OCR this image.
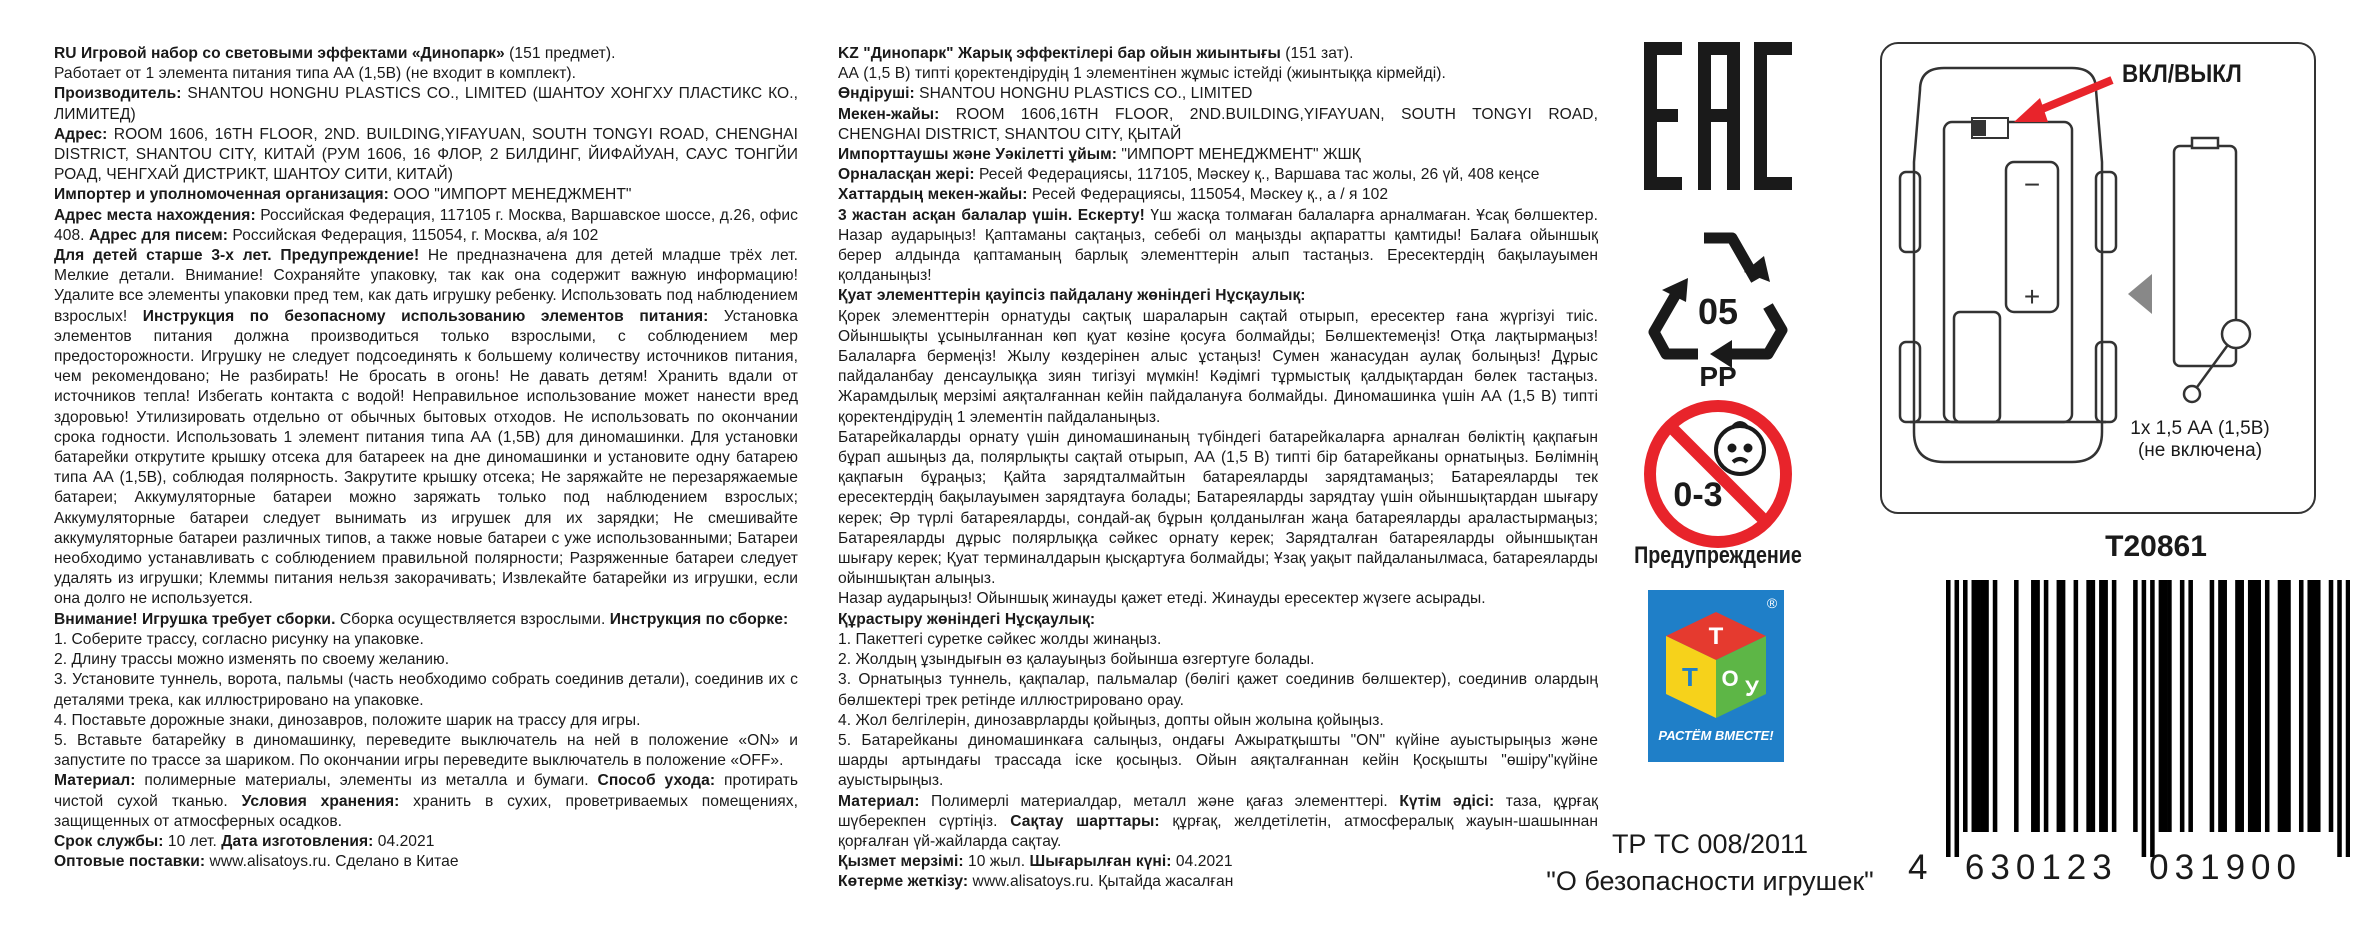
RU Игровой набор со световыми эффектами «Динопарк» (151 предмет).

Работает от 1 элемента питания типа АА (1,5В) (не входит в комплект).

Производитель: SHANTOU HONGHU PLASTICS CO., LIMITED (ШАНТОУ ХОНГХУ ПЛАСТИКС КО., ЛИМИТЕД)

Адрес: ROOM 1606, 16TH FLOOR, 2ND. BUILDING,YIFAYUAN, SOUTH TONGYI ROAD, CHENGHAI DISTRICT, SHANTOU CITY, КИТАЙ (РУМ 1606, 16 ФЛОР, 2 БИЛДИНГ, ЙИФАЙУАН, САУС ТОНГЙИ РОАД, ЧЕНГХАЙ ДИСТРИКТ, ШАНТОУ СИТИ, КИТАЙ)

Импортер и уполномоченная организация: ООО "ИМПОРТ МЕНЕДЖМЕНТ"

Адрес места нахождения: Российская Федерация, 117105 г. Москва, Варшавское шоссе, д.26, офис 408. Адрес для писем: Российская Федерация, 115054, г. Москва, а/я 102

Для детей старше 3-х лет. Предупреждение! Не предназначена для детей младше трёх лет. Мелкие детали. Внимание! Сохраняйте упаковку, так как она содержит важную информацию! Удалите все элементы упаковки пред тем, как дать игрушку ребенку. Использовать под наблюдением взрослых! Инструкция по безопасному использованию элементов питания: Установка элементов питания должна производиться только взрослыми, с соблюдением мер предосторожности. Игрушку не следует подсоединять к большему количеству источников питания, чем рекомендовано; Не разбирать! Не бросать в огонь! Не давать детям! Хранить вдали от источников тепла! Избегать контакта с водой! Неправильное использование может нанести вред здоровью! Утилизировать отдельно от обычных бытовых отходов. Не использовать по окончании срока годности. Использовать 1 элемент питания типа АА (1,5В) для диномашинки. Для установки батарейки открутите крышку отсека для батареек на дне диномашинки и установите одну батарею типа АА (1,5В), соблюдая полярность. Закрутите крышку отсека; Не заряжайте не перезаряжаемые батареи; Аккумуляторные батареи можно заряжать только под наблюдением взрослых; Аккумуляторные батареи следует вынимать из игрушек для их зарядки; Не смешивайте аккумуляторные батареи различных типов, а также новые батареи с уже использованными; Батареи необходимо устанавливать с соблюдением правильной полярности; Разряженные батареи следует удалять из игрушки; Клеммы питания нельзя закорачивать; Извлекайте батарейки из игрушки, если она долго не используется.

Внимание! Игрушка требует сборки. Сборка осуществляется взрослыми. Инструкция по сборке:

1. Соберите трассу, согласно рисунку на упаковке.

2. Длину трассы можно изменять по своему желанию.

3. Установите туннель, ворота, пальмы (часть необходимо собрать соединив детали), соединив их с деталями трека, как иллюстрировано на упаковке.

4. Поставьте дорожные знаки, динозавров, положите шарик на трассу для игры.

5. Вставьте батарейку в диномашинку, переведите выключатель на ней в положение «ON» и запустите по трассе за шариком. По окончании игры переведите выключатель в положение «OFF».

Материал: полимерные материалы, элементы из металла и бумаги. Способ ухода: протирать чистой сухой тканью. Условия хранения: хранить в сухих, проветриваемых помещениях, защищенных от атмосферных осадков.

Срок службы: 10 лет. Дата изготовления: 04.2021

Оптовые поставки: www.alisatoys.ru. Сделано в Китае

KZ "Динопарк" Жарық эффектілері бар ойын жиынтығы (151 зат).

АА (1,5 В) типті қоректендірудің 1 элементінен жұмыс істейді (жиынтыққа кірмейді).

Өндіруші: SHANTOU HONGHU PLASTICS CO., LIMITED

Мекен-жайы: ROOM 1606,16TH FLOOR, 2ND.BUILDING,YIFAYUAN, SOUTH TONGYI ROAD, CHENGHAI DISTRICT, SHANTOU CITY, ҚЫТАЙ

Импорттаушы және Уәкілетті ұйым: "ИМПОРТ МЕНЕДЖМЕНТ" ЖШҚ

Орналасқан жері: Ресей Федерациясы, 117105, Мәскеу қ., Варшава тас жолы, 26 үй, 408 кеңсе

Хаттардың мекен-жайы: Ресей Федерациясы, 115054, Мәскеу қ., а / я 102

3 жастан асқан балалар үшін. Ескерту! Үш жасқа толмаған балаларға арналмаған. Ұсақ бөлшектер. Назар аударыңыз! Қаптаманы сақтаңыз, себебі ол маңызды ақпаратты қамтиды! Балаға ойыншық берер алдында қаптаманың барлық элементтерін алып тастаңыз. Ересектердің бақылауымен қолданыңыз!

Қуат элементтерін қауіпсіз пайдалану жөніндегі Нұсқаулық:

Қорек элементтерін орнатуды сақтық шараларын сақтай отырып, ересектер ғана жүргізуі тиіс. Ойыншықты ұсынылғаннан көп қуат көзіне қосуға болмайды; Бөлшектемеңіз! Отқа лақтырмаңыз! Балаларға бермеңіз! Жылу көздерінен алыс ұстаңыз! Сумен жанасудан аулақ болыңыз! Дұрыс пайдаланбау денсаулыққа зиян тигізуі мүмкін! Кәдімгі тұрмыстық қалдықтардан бөлек тастаңыз. Жарамдылық мерзімі аяқталғаннан кейін пайдалануға болмайды. Диномашинка үшін АА (1,5 В) типті қоректендірудің 1 элементін пайдаланыңыз.

Батарейкаларды орнату үшін диномашинаның түбіндегі батарейкаларға арналған бөліктің қақпағын бұрап ашыңыз да, полярлықты сақтай отырып, АА (1,5 В) типті бір батарейканы орнатыңыз. Бөлімнің қақпағын бұраңыз; Қайта зарядталмайтын батареяларды зарядтамаңыз; Батареяларды тек ересектердің бақылауымен зарядтауға болады; Батареяларды зарядтау үшін ойыншықтардан шығару керек; Әр түрлі батареяларды, сондай-ақ бұрын қолданылған жаңа батареяларды араластырмаңыз; Батареяларды дұрыс полярлыққа сәйкес орнату керек; Зарядталған батареяларды ойыншықтан шығару керек; Қуат терминалдарын қысқартуға болмайды; Ұзақ уақыт пайдаланылмаса, батареяларды ойыншықтан алыңыз.

Назар аударыңыз! Ойыншық жинауды қажет етеді. Жинауды ересектер жүзеге асырады.

Құрастыру жөніндегі Нұсқаулық:

1. Пакеттегі суретке сәйкес жолды жинаңыз.

2. Жолдың ұзындығын өз қалауыңыз бойынша өзгертуге болады.

3. Орнатыңыз туннель, қақпалар, пальмалар (бөлігі қажет соединив бөлшектер), соединив олардың бөлшектері трек ретінде иллюстрировано орау.

4. Жол белгілерін, динозаврларды қойыңыз, допты ойын жолына қойыңыз.

5. Батарейканы диномашинкаға салыңыз, ондағы Ажыратқышты "ON" күйіне ауыстырыңыз және шарды артындағы трассада іске қосыңыз. Ойын аяқталғаннан кейін Қосқышты "өшіру"күйіне ауыстырыңыз.

Материал: Полимерлі материалдар, металл және қағаз элементтері. Күтім әдісі: таза, құрғақ шүберекпен сүртіңіз. Сақтау шарттары: құрғақ, желдетілетін, атмосфералық жауын-шашыннан қорғалған үй-жайларда сақтау.

Қызмет мерзімі: 10 жыл. Шығарылған күні: 04.2021

Көтерме жеткізу: www.alisatoys.ru. Қытайда жасалған

05
PP
0-3
Предупреждение
Т
Т О У
®
РАСТЁМ ВМЕСТЕ!
−
+
ВКЛ/ВЫКЛ
1x 1,5 АА (1,5В)
(не включена)
T20861
4 630123 031900
ТР ТС 008/2011
"О безопасности игрушек"
